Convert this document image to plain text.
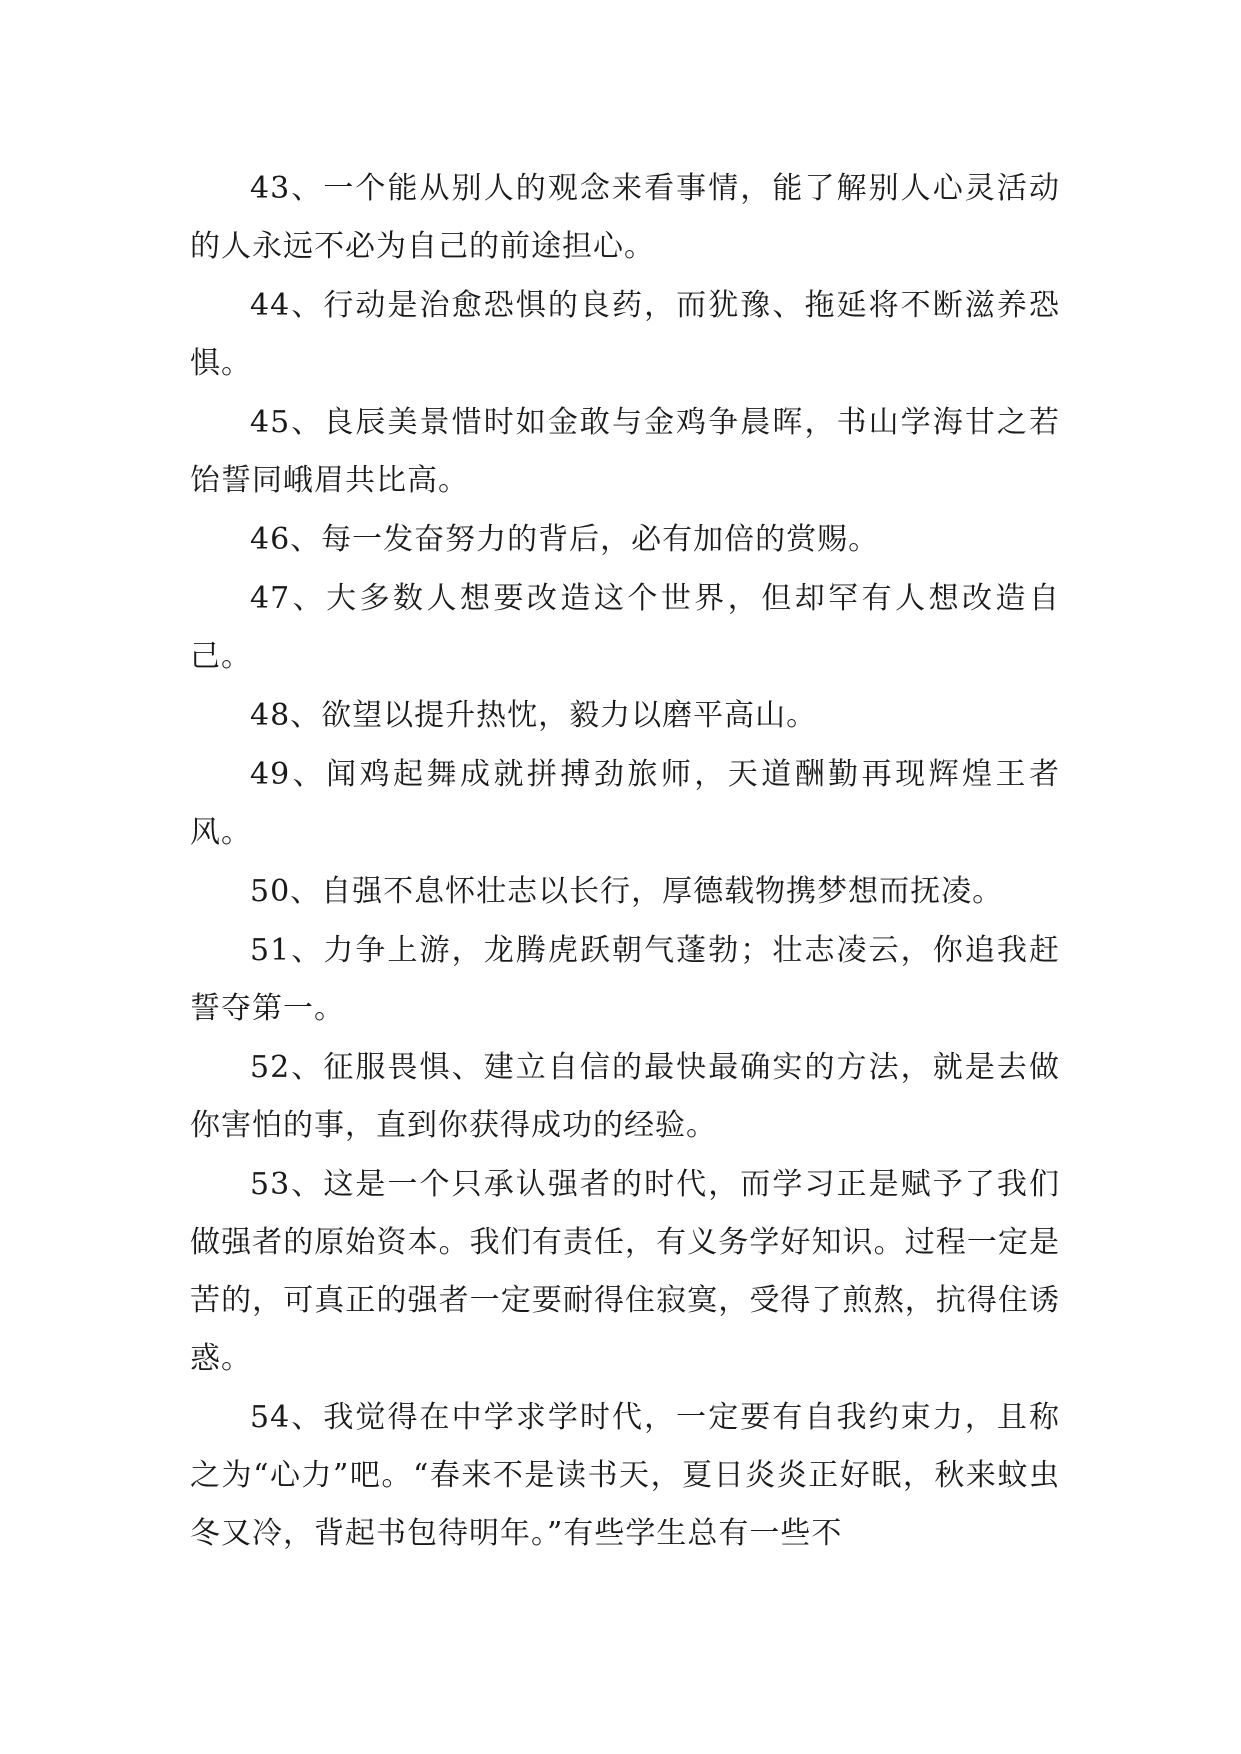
43、一个能从别人的观念来看事情，能了解别人心灵活动的人永远不必为自己的前途担心。

44、行动是治愈恐惧的良药，而犹豫、拖延将不断滋养恐惧。

45、良辰美景惜时如金敢与金鸡争晨晖，书山学海甘之若饴誓同峨眉共比高。

46、每一发奋努力的背后，必有加倍的赏赐。

47、大多数人想要改造这个世界，但却罕有人想改造自己。

48、欲望以提升热忱，毅力以磨平高山。

49、闻鸡起舞成就拼搏劲旅师，天道酬勤再现辉煌王者风。

50、自强不息怀壮志以长行，厚德载物携梦想而抚凌。

51、力争上游，龙腾虎跃朝气蓬勃；壮志凌云，你追我赶誓夺第一。

52、征服畏惧、建立自信的最快最确实的方法，就是去做你害怕的事，直到你获得成功的经验。

53、这是一个只承认强者的时代，而学习正是赋予了我们做强者的原始资本。我们有责任，有义务学好知识。过程一定是苦的，可真正的强者一定要耐得住寂寞，受得了煎熬，抗得住诱惑。

54、我觉得在中学求学时代，一定要有自我约束力，且称之为“心力”吧。“春来不是读书天，夏日炎炎正好眠，秋来蚊虫冬又冷，背起书包待明年。”有些学生总有一些不
